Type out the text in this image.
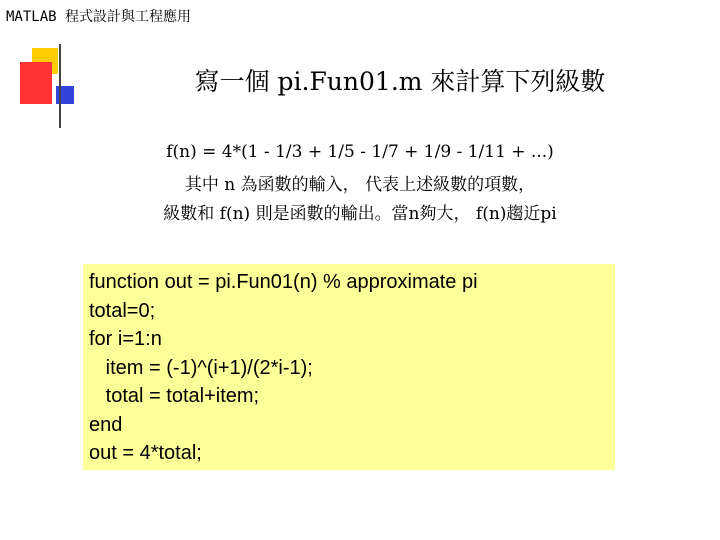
MATLAB 程式設計與工程應用
寫一個 pi.Fun01.m 來計算下列級數
f(n) = 4*(1 - 1/3 + 1/5 - 1/7 + 1/9 - 1/11 + ...)
其中 n 為函數的輸入， 代表上述級數的項數，
級數和 f(n) 則是函數的輸出。當n夠大， f(n)趨近pi
function out = pi.Fun01(n) % approximate pi
total=0;
for i=1:n
item = (-1)^(i+1)/(2*i-1);
total = total+item;
end
out = 4*total;
